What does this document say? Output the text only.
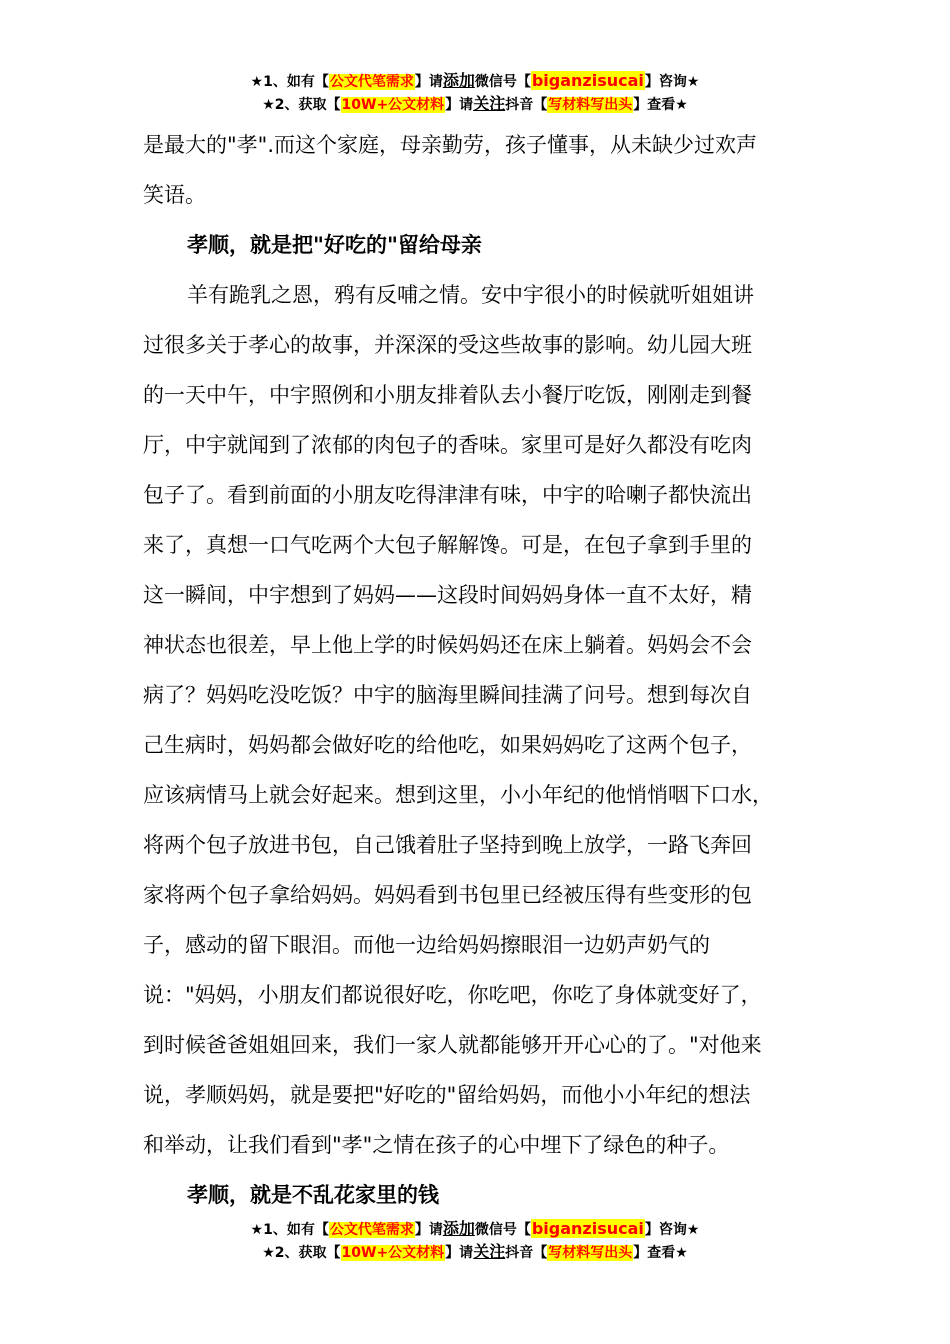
★1、如有【公文代笔需求】请添加微信号【biganzisucai】咨询★
★2、获取【10W+公文材料】请关注抖音【写材料写出头】查看★
是最大的"孝".而这个家庭，母亲勤劳，孩子懂事，从未缺少过欢声
笑语。
孝顺，就是把"好吃的"留给母亲
羊有跪乳之恩，鸦有反哺之情。安中宇很小的时候就听姐姐讲
过很多关于孝心的故事，并深深的受这些故事的影响。幼儿园大班
的一天中午，中宇照例和小朋友排着队去小餐厅吃饭，刚刚走到餐
厅，中宇就闻到了浓郁的肉包子的香味。家里可是好久都没有吃肉
包子了。看到前面的小朋友吃得津津有味，中宇的哈喇子都快流出
来了，真想一口气吃两个大包子解解馋。可是，在包子拿到手里的
这一瞬间，中宇想到了妈妈——这段时间妈妈身体一直不太好，精
神状态也很差，早上他上学的时候妈妈还在床上躺着。妈妈会不会
病了？妈妈吃没吃饭？中宇的脑海里瞬间挂满了问号。想到每次自
己生病时，妈妈都会做好吃的给他吃，如果妈妈吃了这两个包子，
应该病情马上就会好起来。想到这里，小小年纪的他悄悄咽下口水，
将两个包子放进书包，自己饿着肚子坚持到晚上放学，一路飞奔回
家将两个包子拿给妈妈。妈妈看到书包里已经被压得有些变形的包
子，感动的留下眼泪。而他一边给妈妈擦眼泪一边奶声奶气的
说："妈妈，小朋友们都说很好吃，你吃吧，你吃了身体就变好了，
到时候爸爸姐姐回来，我们一家人就都能够开开心心的了。"对他来
说，孝顺妈妈，就是要把"好吃的"留给妈妈，而他小小年纪的想法
和举动，让我们看到"孝"之情在孩子的心中埋下了绿色的种子。
孝顺，就是不乱花家里的钱
★1、如有【公文代笔需求】请添加微信号【biganzisucai】咨询★
★2、获取【10W+公文材料】请关注抖音【写材料写出头】查看★
